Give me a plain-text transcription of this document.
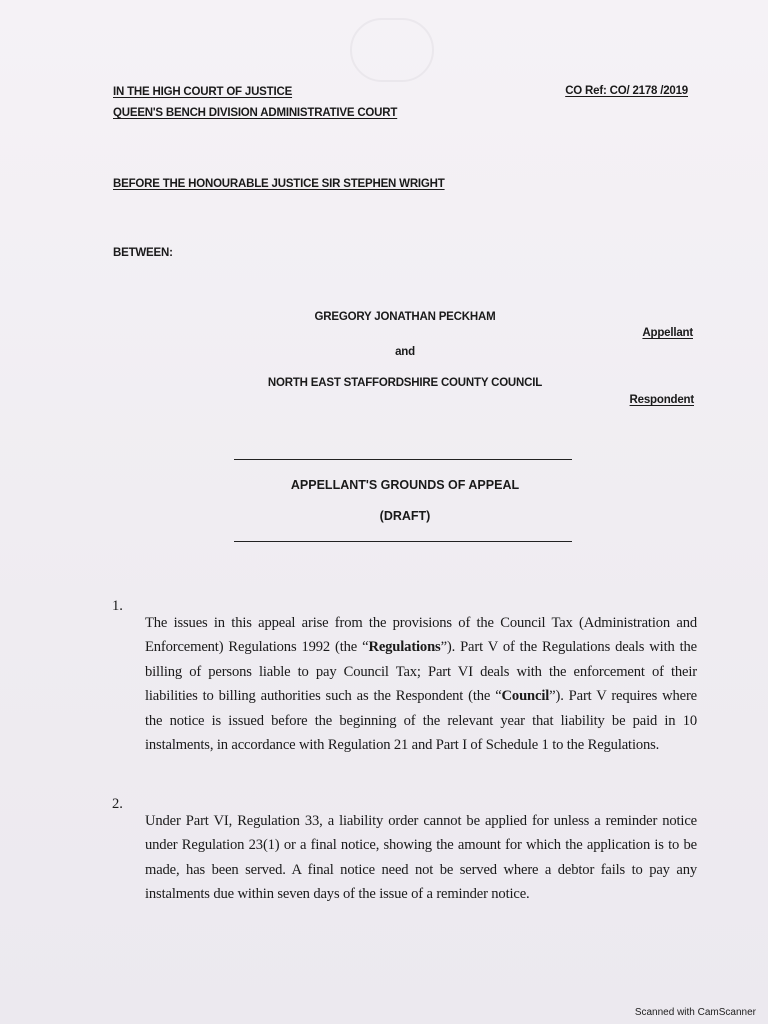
IN THE HIGH COURT OF JUSTICE

QUEEN'S BENCH DIVISION ADMINISTRATIVE COURT

CO Ref: CO/ 2178 /2019

BEFORE THE HONOURABLE JUSTICE SIR STEPHEN WRIGHT

BETWEEN:

GREGORY JONATHAN PECKHAM

Appellant

and

NORTH EAST STAFFORDSHIRE COUNTY COUNCIL

Respondent

APPELLANT'S GROUNDS OF APPEAL

(DRAFT)

1.

The issues in this appeal arise from the provisions of the Council Tax (Administration and Enforcement) Regulations 1992 (the “Regulations”). Part V of the Regulations deals with the billing of persons liable to pay Council Tax; Part VI deals with the enforcement of their liabilities to billing authorities such as the Respondent (the “Council”). Part V requires where the notice is issued before the beginning of the relevant year that liability be paid in 10 instalments, in accordance with Regulation 21 and Part I of Schedule 1 to the Regulations.

2.

Under Part VI, Regulation 33, a liability order cannot be applied for unless a reminder notice under Regulation 23(1) or a final notice, showing the amount for which the application is to be made, has been served. A final notice need not be served where a debtor fails to pay any instalments due within seven days of the issue of a reminder notice.

Scanned with CamScanner
